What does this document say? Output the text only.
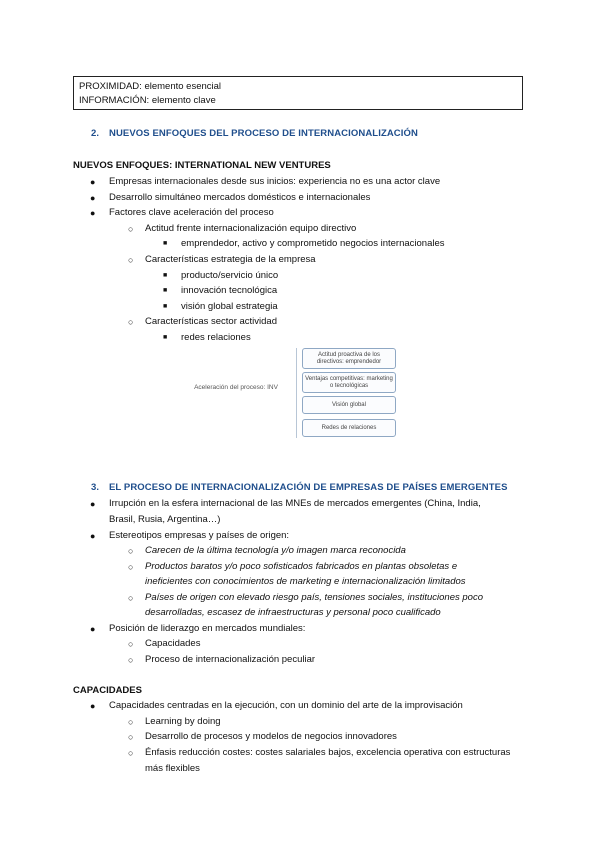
PROXIMIDAD: elemento esencial
INFORMACIÓN: elemento clave
2. NUEVOS ENFOQUES DEL PROCESO DE INTERNACIONALIZACIÓN
NUEVOS ENFOQUES: INTERNATIONAL NEW VENTURES
● Empresas internacionales desde sus inicios: experiencia no es una actor clave
● Desarrollo simultáneo mercados domésticos e internacionales
● Factores clave aceleración del proceso
○ Actitud frente internacionalización equipo directivo
■ emprendedor, activo y comprometido negocios internacionales
○ Características estrategia de la empresa
■ producto/servicio único
■ innovación tecnológica
■ visión global estrategia
○ Características sector actividad
■ redes relaciones
Aceleración del proceso: INV
Actitud proactiva de los directivos: emprendedor
Ventajas competitivas: marketing o tecnológicas
Visión global
Redes de relaciones
3. EL PROCESO DE INTERNACIONALIZACIÓN DE EMPRESAS DE PAÍSES EMERGENTES
● Irrupción en la esfera internacional de las MNEs de mercados emergentes (China, India,
Brasil, Rusia, Argentina…)
● Estereotipos empresas y países de origen:
○ Carecen de la última tecnología y/o imagen marca reconocida
○ Productos baratos y/o poco sofisticados fabricados en plantas obsoletas e
ineficientes con conocimientos de marketing e internacionalización limitados
○ Países de origen con elevado riesgo país, tensiones sociales, instituciones poco
desarrolladas, escasez de infraestructuras y personal poco cualificado
● Posición de liderazgo en mercados mundiales:
○ Capacidades
○ Proceso de internacionalización peculiar
CAPACIDADES
● Capacidades centradas en la ejecución, con un dominio del arte de la improvisación
○ Learning by doing
○ Desarrollo de procesos y modelos de negocios innovadores
○ Énfasis reducción costes: costes salariales bajos, excelencia operativa con estructuras
más flexibles
